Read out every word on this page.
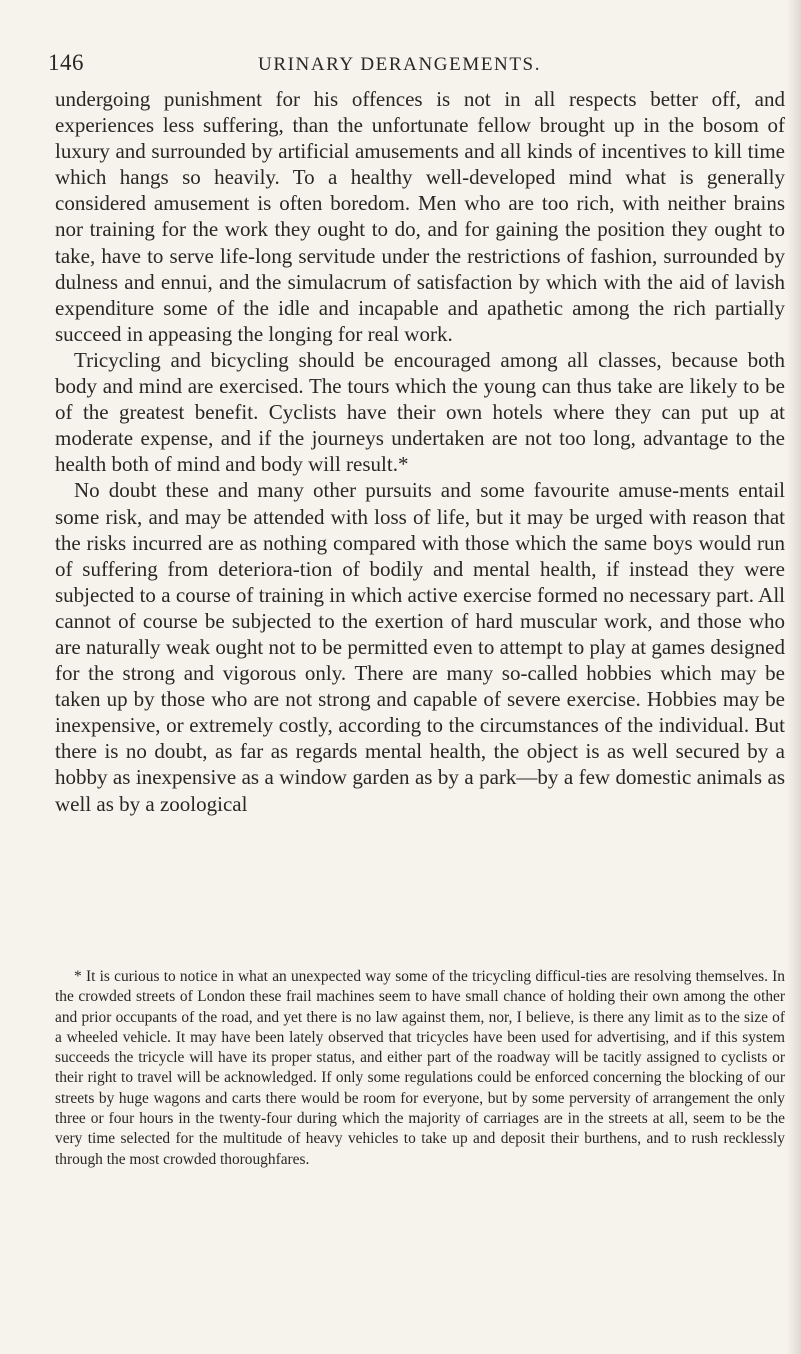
146	URINARY DERANGEMENTS.

undergoing punishment for his offences is not in all respects better off, and experiences less suffering, than the unfortunate fellow brought up in the bosom of luxury and surrounded by artificial amusements and all kinds of incentives to kill time which hangs so heavily. To a healthy well-developed mind what is generally considered amusement is often boredom. Men who are too rich, with neither brains nor training for the work they ought to do, and for gaining the position they ought to take, have to serve life-long servitude under the restrictions of fashion, surrounded by dulness and ennui, and the simulacrum of satisfaction by which with the aid of lavish expenditure some of the idle and incapable and apathetic among the rich partially succeed in appeasing the longing for real work.

Tricycling and bicycling should be encouraged among all classes, because both body and mind are exercised. The tours which the young can thus take are likely to be of the greatest benefit. Cyclists have their own hotels where they can put up at moderate expense, and if the journeys undertaken are not too long, advantage to the health both of mind and body will result.*

No doubt these and many other pursuits and some favourite amuse-ments entail some risk, and may be attended with loss of life, but it may be urged with reason that the risks incurred are as nothing compared with those which the same boys would run of suffering from deteriora-tion of bodily and mental health, if instead they were subjected to a course of training in which active exercise formed no necessary part. All cannot of course be subjected to the exertion of hard muscular work, and those who are naturally weak ought not to be permitted even to attempt to play at games designed for the strong and vigorous only. There are many so-called hobbies which may be taken up by those who are not strong and capable of severe exercise. Hobbies may be inexpensive, or extremely costly, according to the circumstances of the individual. But there is no doubt, as far as regards mental health, the object is as well secured by a hobby as inexpensive as a window garden as by a park—by a few domestic animals as well as by a zoological

* It is curious to notice in what an unexpected way some of the tricycling difficul-ties are resolving themselves. In the crowded streets of London these frail machines seem to have small chance of holding their own among the other and prior occupants of the road, and yet there is no law against them, nor, I believe, is there any limit as to the size of a wheeled vehicle. It may have been lately observed that tricycles have been used for advertising, and if this system succeeds the tricycle will have its proper status, and either part of the roadway will be tacitly assigned to cyclists or their right to travel will be acknowledged. If only some regulations could be enforced concerning the blocking of our streets by huge wagons and carts there would be room for everyone, but by some perversity of arrangement the only three or four hours in the twenty-four during which the majority of carriages are in the streets at all, seem to be the very time selected for the multitude of heavy vehicles to take up and deposit their burthens, and to rush recklessly through the most crowded thoroughfares.
